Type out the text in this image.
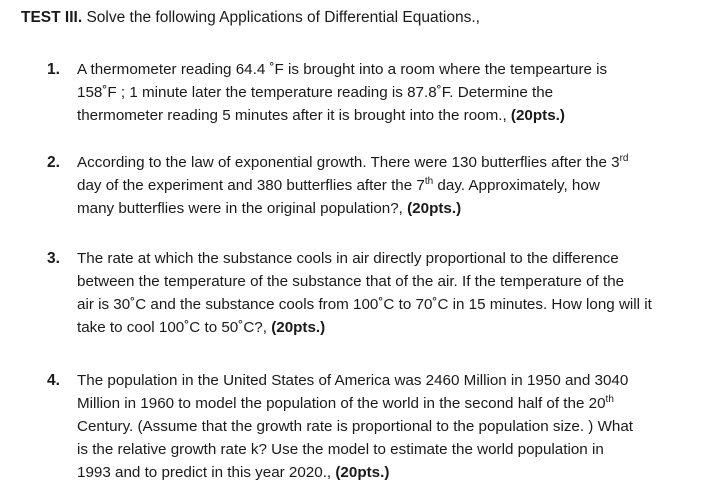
TEST III. Solve the following Applications of Differential Equations.,
1.	A thermometer reading 64.4 ˚F is brought into a room where the tempearture is
158˚F ; 1 minute later the temperature reading is 87.8˚F. Determine the
thermometer reading 5 minutes after it is brought into the room., (20pts.)
2.	According to the law of exponential growth. There were 130 butterflies after the 3rd
day of the experiment and 380 butterflies after the 7th day. Approximately, how
many butterflies were in the original population?, (20pts.)
3.	The rate at which the substance cools in air directly proportional to the difference
between the temperature of the substance that of the air. If the temperature of the
air is 30˚C and the substance cools from 100˚C to 70˚C in 15 minutes. How long will it
take to cool 100˚C to 50˚C?, (20pts.)
4.	The population in the United States of America was 2460 Million in 1950 and 3040
Million in 1960 to model the population of the world in the second half of the 20th
Century. (Assume that the growth rate is proportional to the population size. ) What
is the relative growth rate k? Use the model to estimate the world population in
1993 and to predict in this year 2020., (20pts.)
